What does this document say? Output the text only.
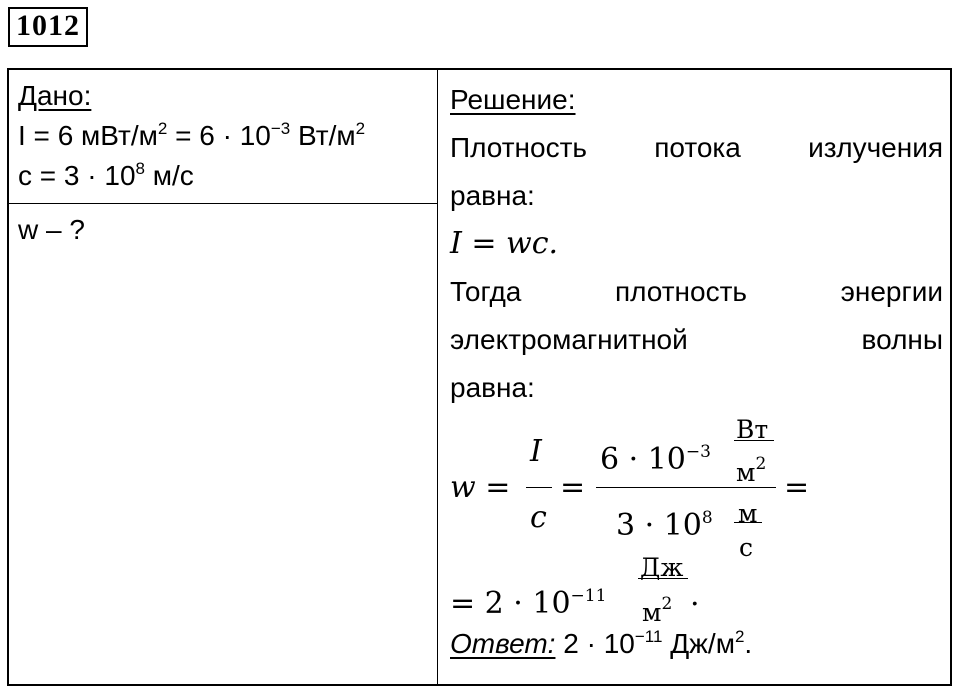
1012
Дано:
I = 6 мВт/$м^2 = 6 \cdot 10^{-3}$ $Вт/м^2$
$c = 3 \cdot 10^8$ м/с
w – ?
Решение:
Плотность потока излучения
равна:
I = wc.
Тогда	плотность	энергии
электромагнитной	волны
равна:
w =
I
c
=
$6 \cdot 10^{-3}$
Вт
$м^2$
$3 \cdot 10^8$ м
с
=
= $2 \cdot 10^{-11}$
Дж
$м^2$ .
Ответ: $2 \cdot 10^{-11}$ $Дж/м^2$.
